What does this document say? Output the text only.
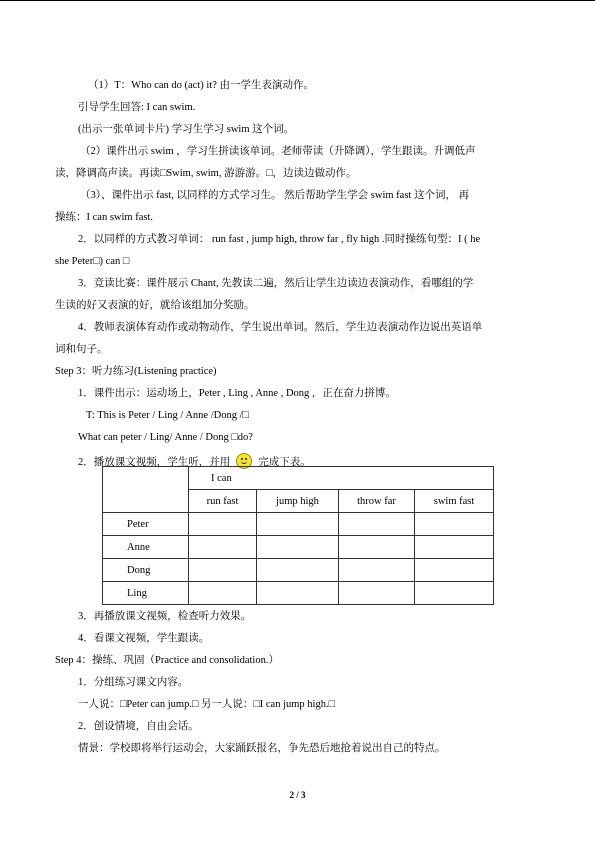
（1）T：Who can do (act) it? 由一学生表演动作。
引导学生回答: I can swim.
(出示一张单词卡片) 学习生学习 swim 这个词。
（2）课件出示 swim ，学习生拼读该单词。老师带读（升降调），学生跟读。升调低声
读，降调高声读。再读□Swim, swim, 游游游。□，边读边做动作。
（3）、课件出示 fast, 以同样的方式学习生。 然后帮助学生学会 swim fast 这个词， 再
操练：I can swim fast.
2．以同样的方式教习单词： run fast , jump high, throw far , fly high .同时操练句型：I ( he
she Peter□) can □
3．竞读比赛：课件展示 Chant, 先教读二遍，然后让学生边读边表演动作，看哪组的学
生读的好又表演的好，就给该组加分奖励。
4．教师表演体育动作或动物动作，学生说出单词。然后，学生边表演动作边说出英语单
词和句子。
Step 3：听力练习(Listening practice)
1．课件出示：运动场上，Peter , Ling , Anne , Dong ，正在奋力拼博。
T: This is Peter / Ling / Anne /Dong /□
What can peter / Ling/ Anne / Dong □do?
2．播放课文视频，学生听，并用	完成下表。
	I can			
	run fast	jump high	throw far	swim fast
Peter				
Anne				
Dong				
Ling				
3．再播放课文视频，检查听力效果。
4．看课文视频，学生跟读。
Step 4：操练、巩固（Practice and consolidation.）
1．分组练习课文内容。
一人说：□Peter can jump.□ 另一人说：□I can jump high.□
2．创设情境，自由会话。
情景：学校即将举行运动会，大家踊跃报名，争先恐后地抢着说出自己的特点。
2 / 3
